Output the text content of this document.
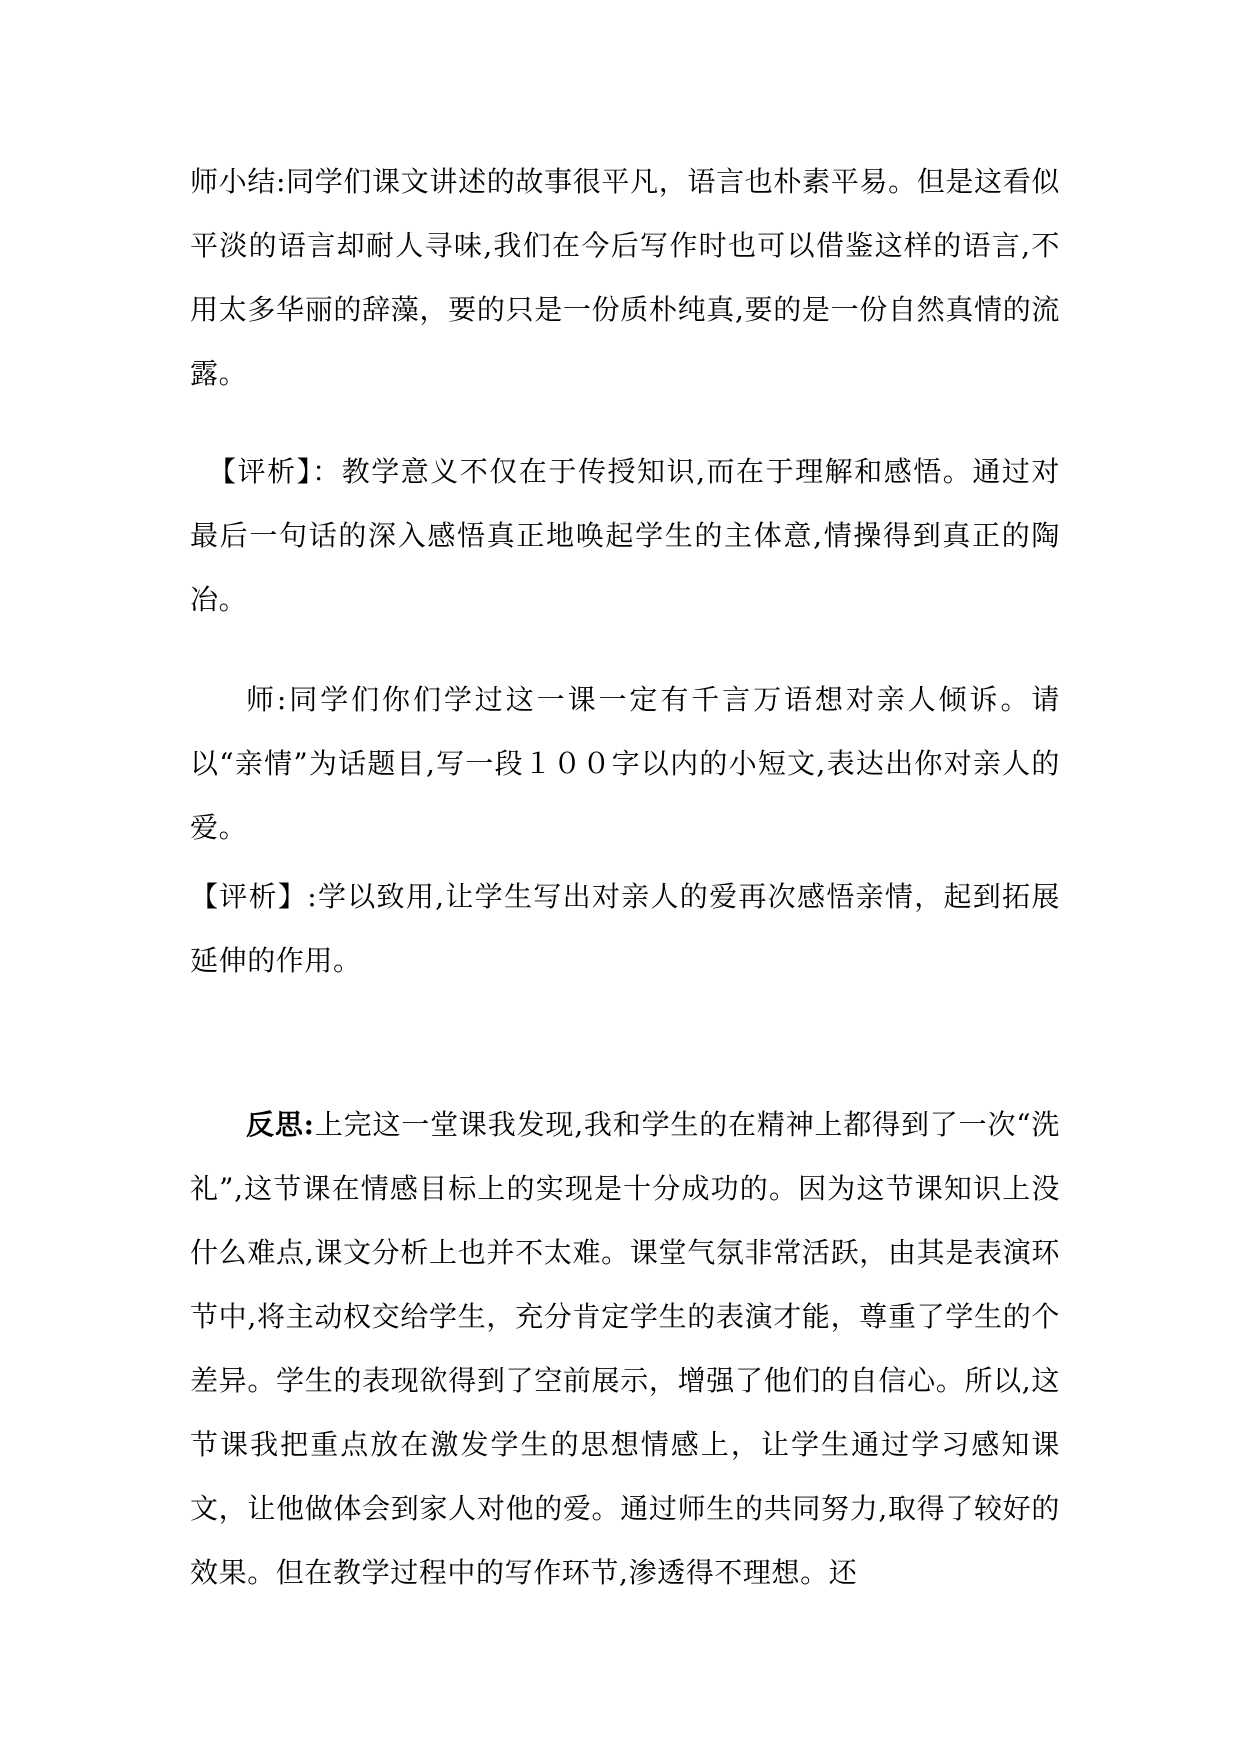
师小结:同学们课文讲述的故事很平凡，语言也朴素平易。但是这看似平淡的语言却耐人寻味,我们在今后写作时也可以借鉴这样的语言,不用太多华丽的辞藻，要的只是一份质朴纯真,要的是一份自然真情的流露。

【评析】：教学意义不仅在于传授知识,而在于理解和感悟。通过对最后一句话的深入感悟真正地唤起学生的主体意,情操得到真正的陶冶。

师:同学们你们学过这一课一定有千言万语想对亲人倾诉。请以“亲情”为话题目,写一段１００字以内的小短文,表达出你对亲人的爱。

【评析】:学以致用,让学生写出对亲人的爱再次感悟亲情，起到拓展延伸的作用。

反思:上完这一堂课我发现,我和学生的在精神上都得到了一次“洗礼”,这节课在情感目标上的实现是十分成功的。因为这节课知识上没什么难点,课文分析上也并不太难。课堂气氛非常活跃，由其是表演环节中,将主动权交给学生，充分肯定学生的表演才能，尊重了学生的个差异。学生的表现欲得到了空前展示，增强了他们的自信心。所以,这节课我把重点放在激发学生的思想情感上，让学生通过学习感知课文，让他做体会到家人对他的爱。通过师生的共同努力,取得了较好的效果。但在教学过程中的写作环节,渗透得不理想。还
